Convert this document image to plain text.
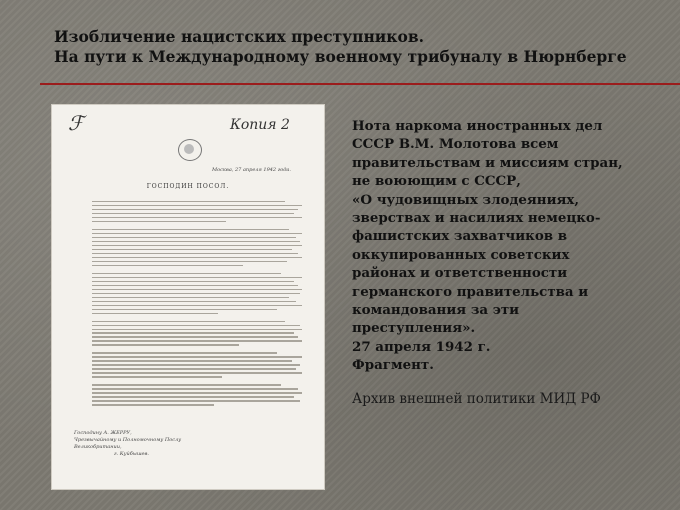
Изобличение нацистских преступников.
На пути к Международному военному трибуналу в Нюрнберге
ℱ	Копия 2
Москва, 27 апреля 1942 года.
ГОСПОДИН ПОСОЛ.
Господину А. ЖЕРРУ,
Чрезвычайному и Полномочному Послу
Великобритании,
г. Куйбышев.
Нота наркома иностранных дел
СССР В.М. Молотова всем
правительствам и миссиям стран,
не воюющим с СССР,
«О чудовищных злодеяниях,
зверствах и насилиях немецко-
фашистских захватчиков в
оккупированных советских
районах и ответственности
германского правительства и
командования за эти
преступления».
27 апреля 1942 г.
Фрагмент.
Архив внешней политики МИД РФ
